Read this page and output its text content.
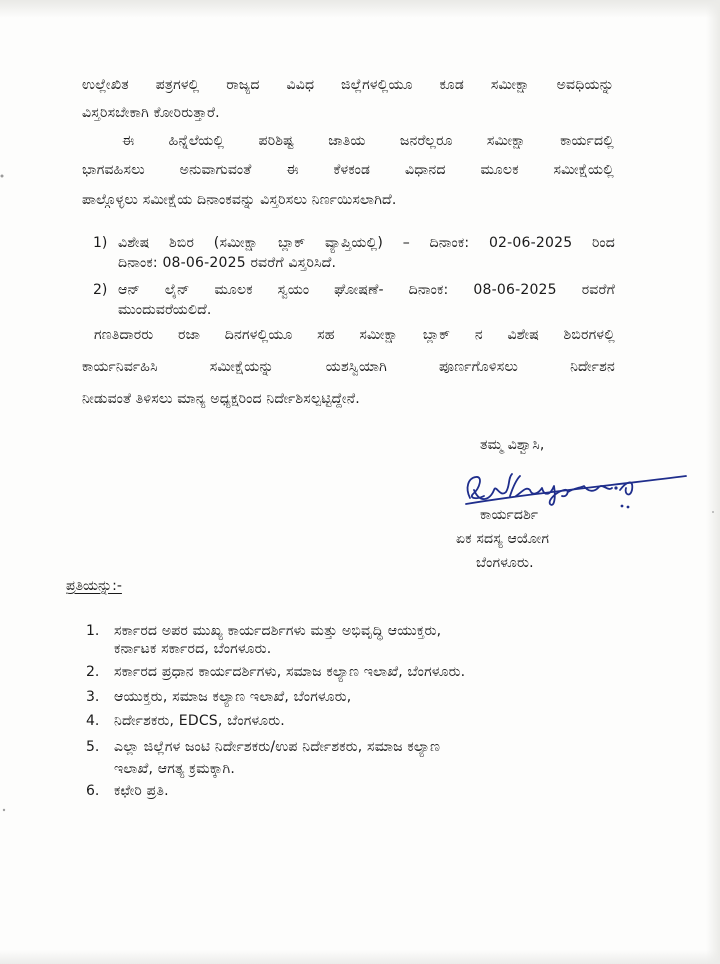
ಉಲ್ಲೇಖಿತ ಪತ್ರಗಳಲ್ಲಿ ರಾಜ್ಯದ ವಿವಿಧ ಜಿಲ್ಲೆಗಳಲ್ಲಿಯೂ ಕೂಡ ಸಮೀಕ್ಷಾ ಅವಧಿಯನ್ನು
ವಿಸ್ತರಿಸಬೇಕಾಗಿ ಕೋರಿರುತ್ತಾರೆ.
ಈ ಹಿನ್ನೆಲೆಯಲ್ಲಿ ಪರಿಶಿಷ್ಟ ಜಾತಿಯ ಜನರೆಲ್ಲರೂ ಸಮೀಕ್ಷಾ ಕಾರ್ಯದಲ್ಲಿ
ಭಾಗವಹಿಸಲು ಅನುವಾಗುವಂತೆ ಈ ಕೆಳಕಂಡ ವಿಧಾನದ ಮೂಲಕ ಸಮೀಕ್ಷೆಯಲ್ಲಿ
ಪಾಲ್ಗೊಳ್ಳಲು ಸಮೀಕ್ಷೆಯ ದಿನಾಂಕವನ್ನು ವಿಸ್ತರಿಸಲು ನಿರ್ಣಯಿಸಲಾಗಿದೆ.
1) ವಿಶೇಷ ಶಿಬಿರ (ಸಮೀಕ್ಷಾ ಬ್ಲಾಕ್ ವ್ಯಾಪ್ತಿಯಲ್ಲಿ) – ದಿನಾಂಕ: 02-06-2025 ರಿಂದ
ದಿನಾಂಕ: 08-06-2025 ರವರೆಗೆ ವಿಸ್ತರಿಸಿದೆ.
2) ಆನ್ ಲೈನ್ ಮೂಲಕ ಸ್ವಯಂ ಘೋಷಣೆ- ದಿನಾಂಕ: 08-06-2025 ರವರೆಗೆ
ಮುಂದುವರೆಯಲಿದೆ.
ಗಣತಿದಾರರು ರಜಾ ದಿನಗಳಲ್ಲಿಯೂ ಸಹ ಸಮೀಕ್ಷಾ ಬ್ಲಾಕ್ ನ ವಿಶೇಷ ಶಿಬಿರಗಳಲ್ಲಿ
ಕಾರ್ಯನಿರ್ವಹಿಸಿ ಸಮೀಕ್ಷೆಯನ್ನು ಯಶಸ್ವಿಯಾಗಿ ಪೂರ್ಣಗೊಳಿಸಲು ನಿರ್ದೇಶನ
ನೀಡುವಂತೆ ತಿಳಿಸಲು ಮಾನ್ಯ ಅಧ್ಯಕ್ಷರಿಂದ ನಿರ್ದೇಶಿಸಲ್ಪಟ್ಟಿದ್ದೇನೆ.
ತಮ್ಮ ವಿಶ್ವಾಸಿ,
ಕಾರ್ಯದರ್ಶಿ
ಏಕ ಸದಸ್ಯ ಆಯೋಗ
ಬೆಂಗಳೂರು.
ಪ್ರತಿಯನ್ನು:-
1. ಸರ್ಕಾರದ ಅಪರ ಮುಖ್ಯ ಕಾರ್ಯದರ್ಶಿಗಳು ಮತ್ತು ಅಭಿವೃದ್ಧಿ ಆಯುಕ್ತರು,
ಕರ್ನಾಟಕ ಸರ್ಕಾರದ, ಬೆಂಗಳೂರು.
2. ಸರ್ಕಾರದ ಪ್ರಧಾನ ಕಾರ್ಯದರ್ಶಿಗಳು, ಸಮಾಜ ಕಲ್ಯಾಣ ಇಲಾಖೆ, ಬೆಂಗಳೂರು.
3. ಆಯುಕ್ತರು, ಸಮಾಜ ಕಲ್ಯಾಣ ಇಲಾಖೆ, ಬೆಂಗಳೂರು,
4. ನಿರ್ದೇಶಕರು, EDCS, ಬೆಂಗಳೂರು.
5. ಎಲ್ಲಾ ಜಿಲ್ಲೆಗಳ ಜಂಟಿ ನಿರ್ದೇಶಕರು/ಉಪ ನಿರ್ದೇಶಕರು, ಸಮಾಜ ಕಲ್ಯಾಣ
ಇಲಾಖೆ, ಆಗತ್ಯ ಕ್ರಮಕ್ಕಾಗಿ.
6. ಕಛೇರಿ ಪ್ರತಿ.
